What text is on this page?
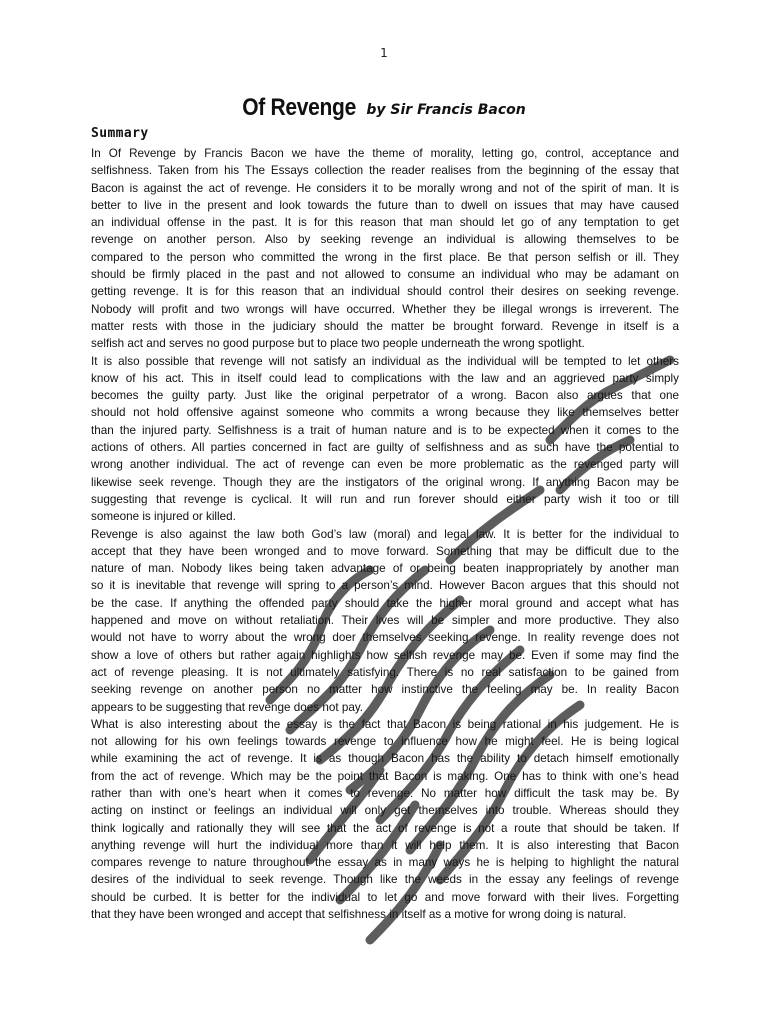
1
Of Revenge by Sir Francis Bacon
Summary
In Of Revenge by Francis Bacon we have the theme of morality, letting go, control, acceptance and
selfishness. Taken from his The Essays collection the reader realises from the beginning of the essay that
Bacon is against the act of revenge. He considers it to be morally wrong and not of the spirit of man. It is
better to live in the present and look towards the future than to dwell on issues that may have caused
an individual offense in the past. It is for this reason that man should let go of any temptation to get
revenge on another person. Also by seeking revenge an individual is allowing themselves to be
compared to the person who committed the wrong in the first place. Be that person selfish or ill. They
should be firmly placed in the past and not allowed to consume an individual who may be adamant on
getting revenge. It is for this reason that an individual should control their desires on seeking revenge.
Nobody will profit and two wrongs will have occurred. Whether they be illegal wrongs is irreverent. The
matter rests with those in the judiciary should the matter be brought forward. Revenge in itself is a
selfish act and serves no good purpose but to place two people underneath the wrong spotlight.
It is also possible that revenge will not satisfy an individual as the individual will be tempted to let others
know of his act. This in itself could lead to complications with the law and an aggrieved party simply
becomes the guilty party. Just like the original perpetrator of a wrong. Bacon also argues that one
should not hold offensive against someone who commits a wrong because they like themselves better
than the injured party. Selfishness is a trait of human nature and is to be expected when it comes to the
actions of others. All parties concerned in fact are guilty of selfishness and as such have the potential to
wrong another individual. The act of revenge can even be more problematic as the revenged party will
likewise seek revenge. Though they are the instigators of the original wrong. If anything Bacon may be
suggesting that revenge is cyclical. It will run and run forever should either party wish it too or till
someone is injured or killed.
Revenge is also against the law both God’s law (moral) and legal law. It is better for the individual to
accept that they have been wronged and to move forward. Something that may be difficult due to the
nature of man. Nobody likes being taken advantage of or being beaten inappropriately by another man
so it is inevitable that revenge will spring to a person’s mind. However Bacon argues that this should not
be the case. If anything the offended party should take the higher moral ground and accept what has
happened and move on without retaliation. Their lives will be simpler and more productive. They also
would not have to worry about the wrong doer themselves seeking revenge. In reality revenge does not
show a love of others but rather again highlights how selfish revenge may be. Even if some may find the
act of revenge pleasing. It is not ultimately satisfying. There is no real satisfaction to be gained from
seeking revenge on another person no matter how instinctive the feeling may be. In reality Bacon
appears to be suggesting that revenge does not pay.
What is also interesting about the essay is the fact that Bacon is being rational in his judgement. He is
not allowing for his own feelings towards revenge to influence how he might feel. He is being logical
while examining the act of revenge. It is as though Bacon has the ability to detach himself emotionally
from the act of revenge. Which may be the point that Bacon is making. One has to think with one’s head
rather than with one’s heart when it comes to revenge. No matter how difficult the task may be. By
acting on instinct or feelings an individual will only get themselves into trouble. Whereas should they
think logically and rationally they will see that the act of revenge is not a route that should be taken. If
anything revenge will hurt the individual more than it will help them. It is also interesting that Bacon
compares revenge to nature throughout the essay as in many ways he is helping to highlight the natural
desires of the individual to seek revenge. Though like the weeds in the essay any feelings of revenge
should be curbed. It is better for the individual to let go and move forward with their lives. Forgetting
that they have been wronged and accept that selfishness in itself as a motive for wrong doing is natural.
